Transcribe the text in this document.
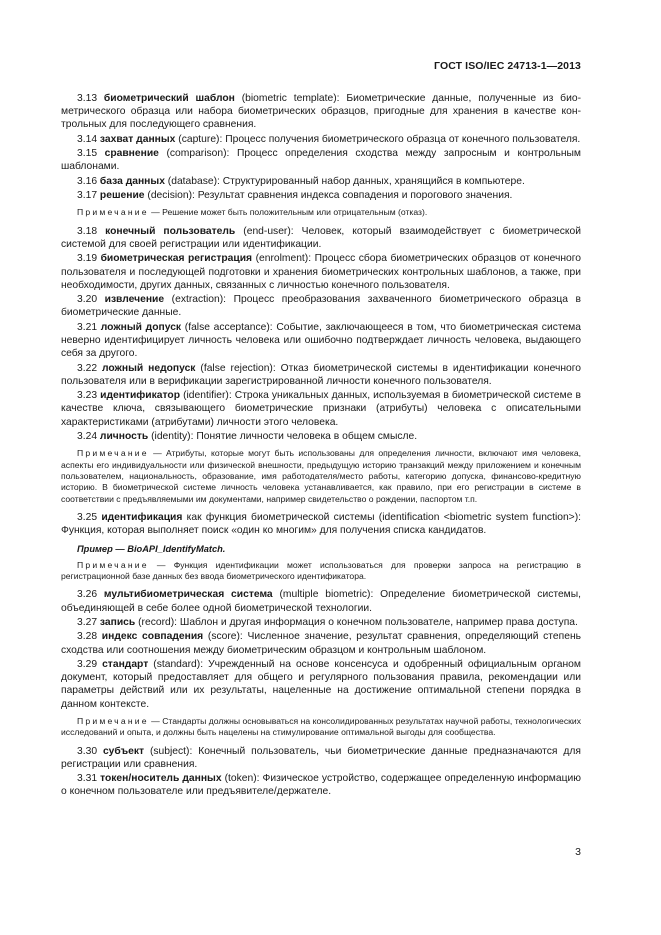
ГОСТ ISO/IEC 24713-1—2013

3.13 биометрический шаблон (biometric template): Биометрические данные, полученные из биометрического образца или набора биометрических образцов, пригодные для хранения в качестве контрольных для последующего сравнения.

3.14 захват данных (capture): Процесс получения биометрического образца от конечного пользователя.

3.15 сравнение (comparison): Процесс определения сходства между запросным и контрольным шаблонами.

3.16 база данных (database): Структурированный набор данных, хранящийся в компьютере.

3.17 решение (decision): Результат сравнения индекса совпадения и порогового значения.

Примечание — Решение может быть положительным или отрицательным (отказ).

3.18 конечный пользователь (end-user): Человек, который взаимодействует с биометрической системой для своей регистрации или идентификации.

3.19 биометрическая регистрация (enrolment): Процесс сбора биометрических образцов от конечного пользователя и последующей подготовки и хранения биометрических контрольных шаблонов, а также, при необходимости, других данных, связанных с личностью конечного пользователя.

3.20 извлечение (extraction): Процесс преобразования захваченного биометрического образца в биометрические данные.

3.21 ложный допуск (false acceptance): Событие, заключающееся в том, что биометрическая система неверно идентифицирует личность человека или ошибочно подтверждает личность человека, выдающего себя за другого.

3.22 ложный недопуск (false rejection): Отказ биометрической системы в идентификации конечного пользователя или в верификации зарегистрированной личности конечного пользователя.

3.23 идентификатор (identifier): Строка уникальных данных, используемая в биометрической системе в качестве ключа, связывающего биометрические признаки (атрибуты) человека с описательными характеристиками (атрибутами) личности этого человека.

3.24 личность (identity): Понятие личности человека в общем смысле.

Примечание — Атрибуты, которые могут быть использованы для определения личности, включают имя человека, аспекты его индивидуальности или физической внешности, предыдущую историю транзакций между приложением и конечным пользователем, национальность, образование, имя работодателя/место работы, категорию допуска, финансово-кредитную историю. В биометрической системе личность человека устанавливается, как правило, при его регистрации в системе в соответствии с предъявляемыми им документами, например свидетельство о рождении, паспортом т.п.

3.25 идентификация как функция биометрической системы (identification <biometric system function>): Функция, которая выполняет поиск «один ко многим» для получения списка кандидатов.

Пример — BioAPI_IdentifyMatch.

Примечание — Функция идентификации может использоваться для проверки запроса на регистрацию в регистрационной базе данных без ввода биометрического идентификатора.

3.26 мультибиометрическая система (multiple biometric): Определение биометрической системы, объединяющей в себе более одной биометрической технологии.

3.27 запись (record): Шаблон и другая информация о конечном пользователе, например права доступа.

3.28 индекс совпадения (score): Численное значение, результат сравнения, определяющий степень сходства или соотношения между биометрическим образцом и контрольным шаблоном.

3.29 стандарт (standard): Учрежденный на основе консенсуса и одобренный официальным органом документ, который предоставляет для общего и регулярного пользования правила, рекомендации или параметры действий или их результаты, нацеленные на достижение оптимальной степени порядка в данном контексте.

Примечание — Стандарты должны основываться на консолидированных результатах научной работы, технологических исследований и опыта, и должны быть нацелены на стимулирование оптимальной выгоды для сообщества.

3.30 субъект (subject): Конечный пользователь, чьи биометрические данные предназначаются для регистрации или сравнения.

3.31 токен/носитель данных (token): Физическое устройство, содержащее определенную информацию о конечном пользователе или предъявителе/держателе.

3
